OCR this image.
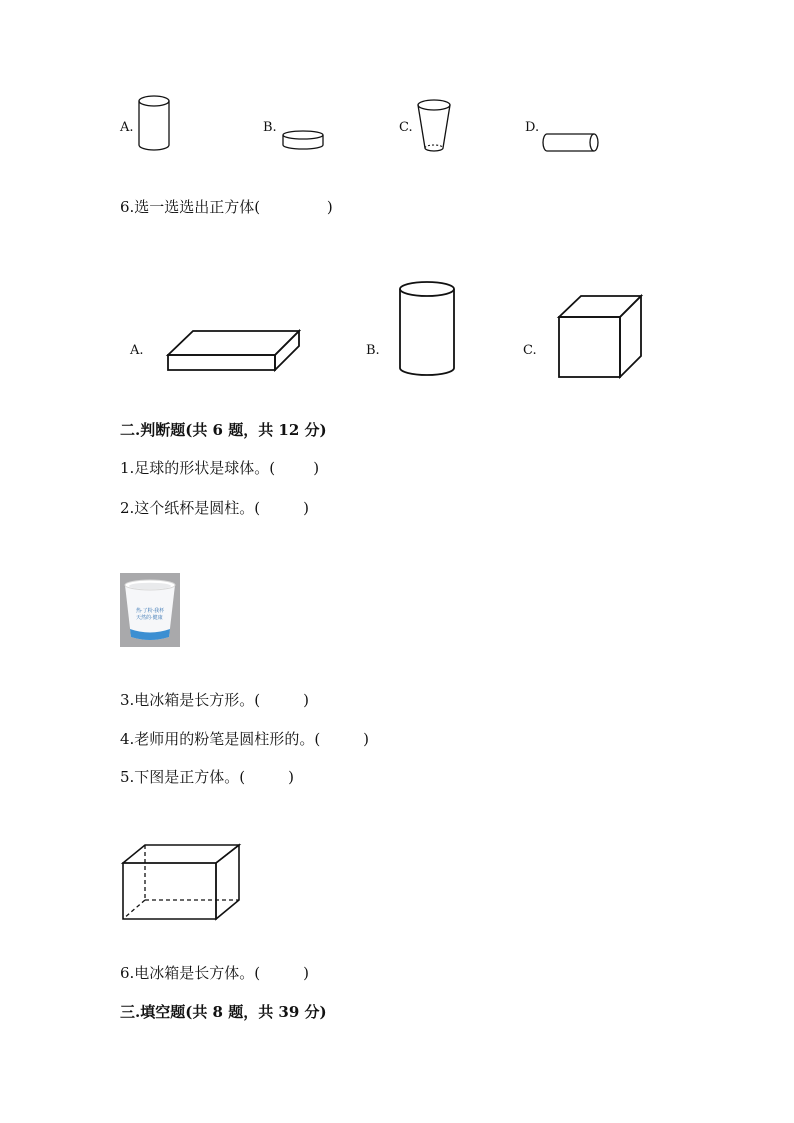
A.	B.	C.	D.
6.选一选选出正方体(              )
A.	B.	C.
二.判断题(共 6 题，共 12 分)
1.足球的形状是球体。(        )
2.这个纸杯是圆柱。(         )
热·了粉·我杯
天然的·健康
3.电冰箱是长方形。(         )
4.老师用的粉笔是圆柱形的。(         )
5.下图是正方体。(         )
6.电冰箱是长方体。(         )
三.填空题(共 8 题，共 39 分)
